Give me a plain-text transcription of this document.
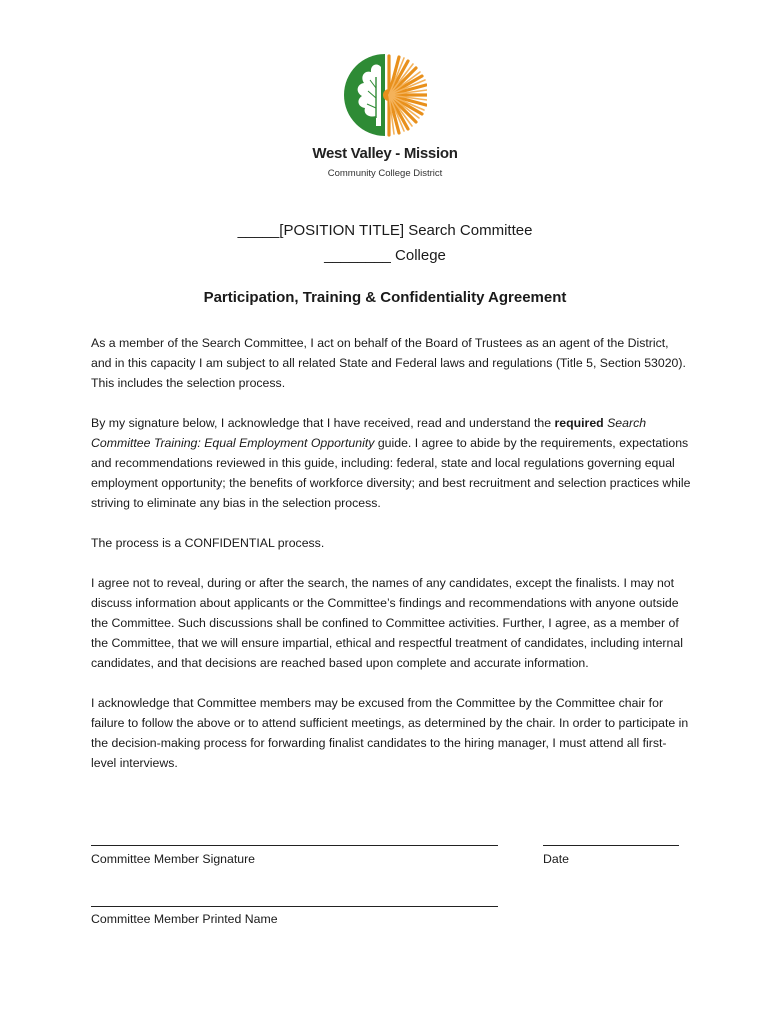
West Valley - Mission
Community College District
_____[POSITION TITLE] Search Committee
________ College
Participation, Training & Confidentiality Agreement

As a member of the Search Committee, I act on behalf of the Board of Trustees as an agent of the District, and in this capacity I am subject to all related State and Federal laws and regulations (Title 5, Section 53020). This includes the selection process.

By my signature below, I acknowledge that I have received, read and understand the required Search Committee Training: Equal Employment Opportunity guide. I agree to abide by the requirements, expectations and recommendations reviewed in this guide, including: federal, state and local regulations governing equal employment opportunity; the benefits of workforce diversity; and best recruitment and selection practices while striving to eliminate any bias in the selection process.

The process is a CONFIDENTIAL process.

I agree not to reveal, during or after the search, the names of any candidates, except the finalists. I may not discuss information about applicants or the Committee’s findings and recommendations with anyone outside the Committee. Such discussions shall be confined to Committee activities. Further, I agree, as a member of the Committee, that we will ensure impartial, ethical and respectful treatment of candidates, including internal candidates, and that decisions are reached based upon complete and accurate information.

I acknowledge that Committee members may be excused from the Committee by the Committee chair for failure to follow the above or to attend sufficient meetings, as determined by the chair. In order to participate in the decision-making process for forwarding finalist candidates to the hiring manager, I must attend all first-level interviews.

Committee Member Signature	Date
Committee Member Printed Name
